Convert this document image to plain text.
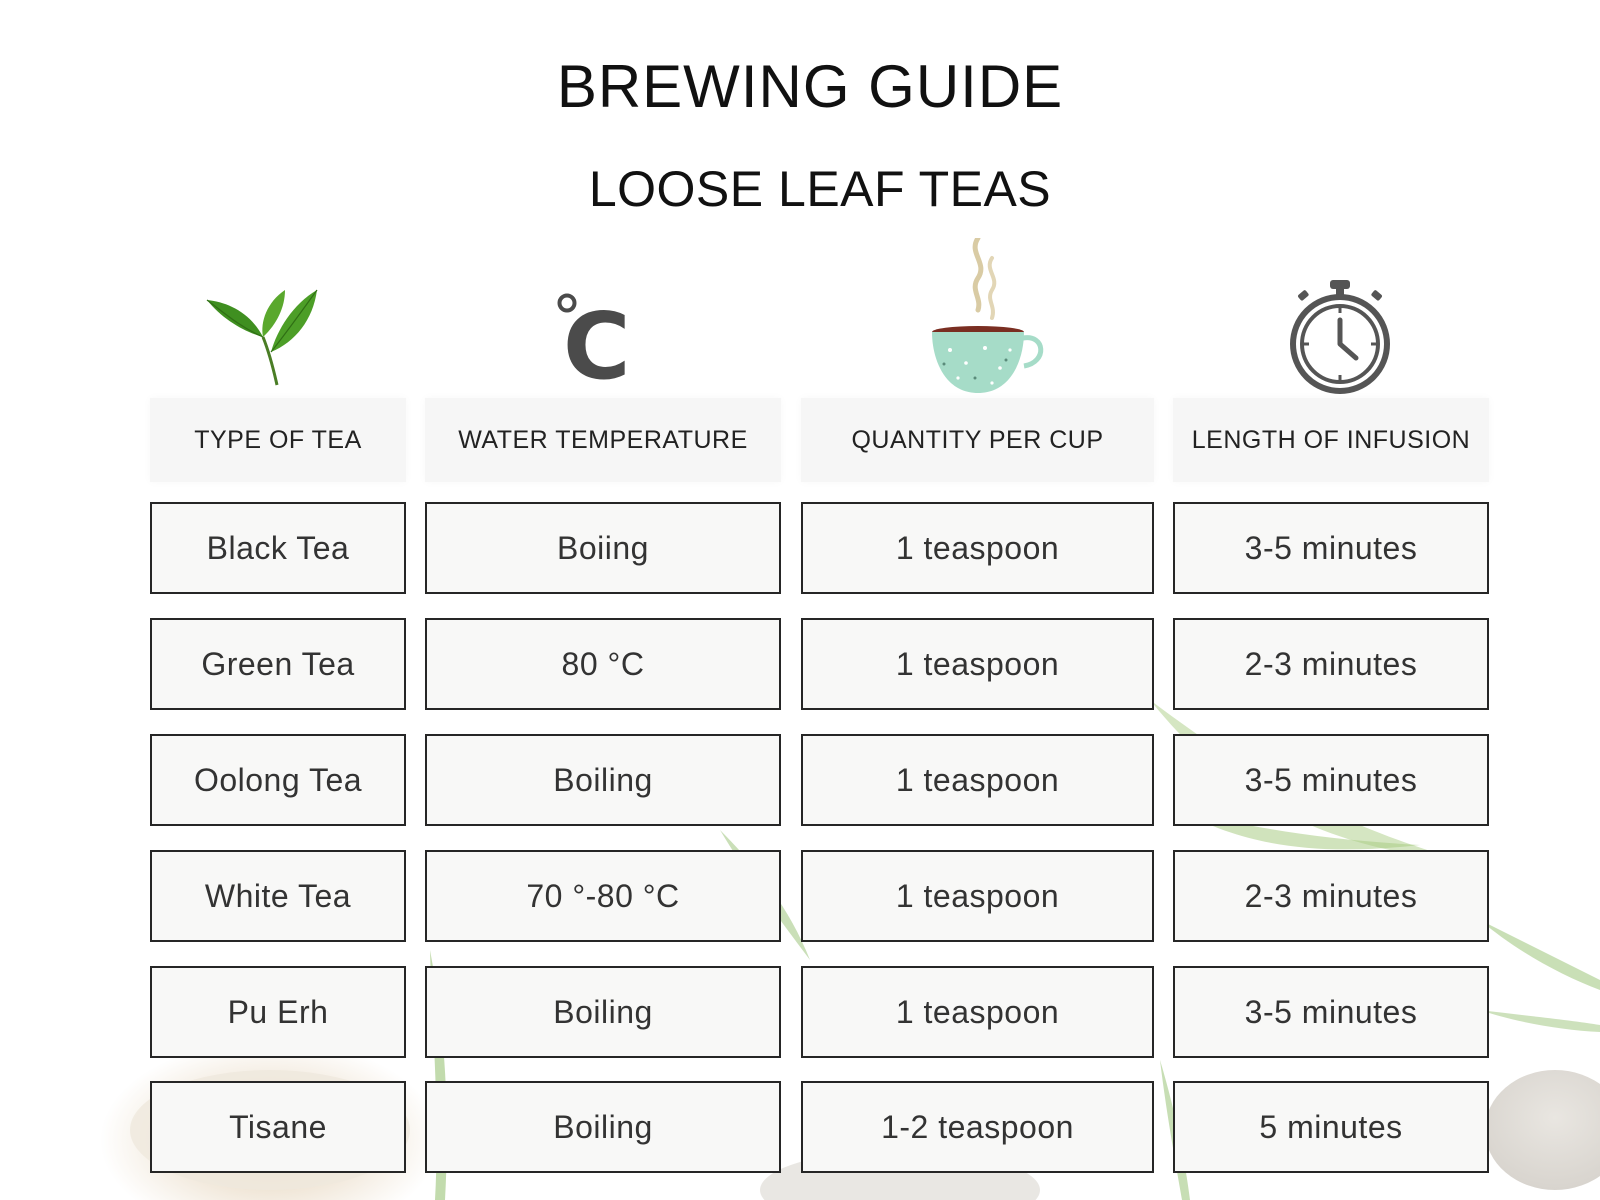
BREWING GUIDE
LOOSE LEAF TEAS
C
TYPE OF TEA	WATER TEMPERATURE	QUANTITY PER CUP	LENGTH OF INFUSION
Black Tea	Boiing	1 teaspoon	3-5 minutes
Green Tea	80 °C	1 teaspoon	2-3 minutes
Oolong Tea	Boiling	1 teaspoon	3-5 minutes
White Tea	70 °-80 °C	1 teaspoon	2-3 minutes
Pu Erh	Boiling	1 teaspoon	3-5 minutes
Tisane	Boiling	1-2 teaspoon	5 minutes
